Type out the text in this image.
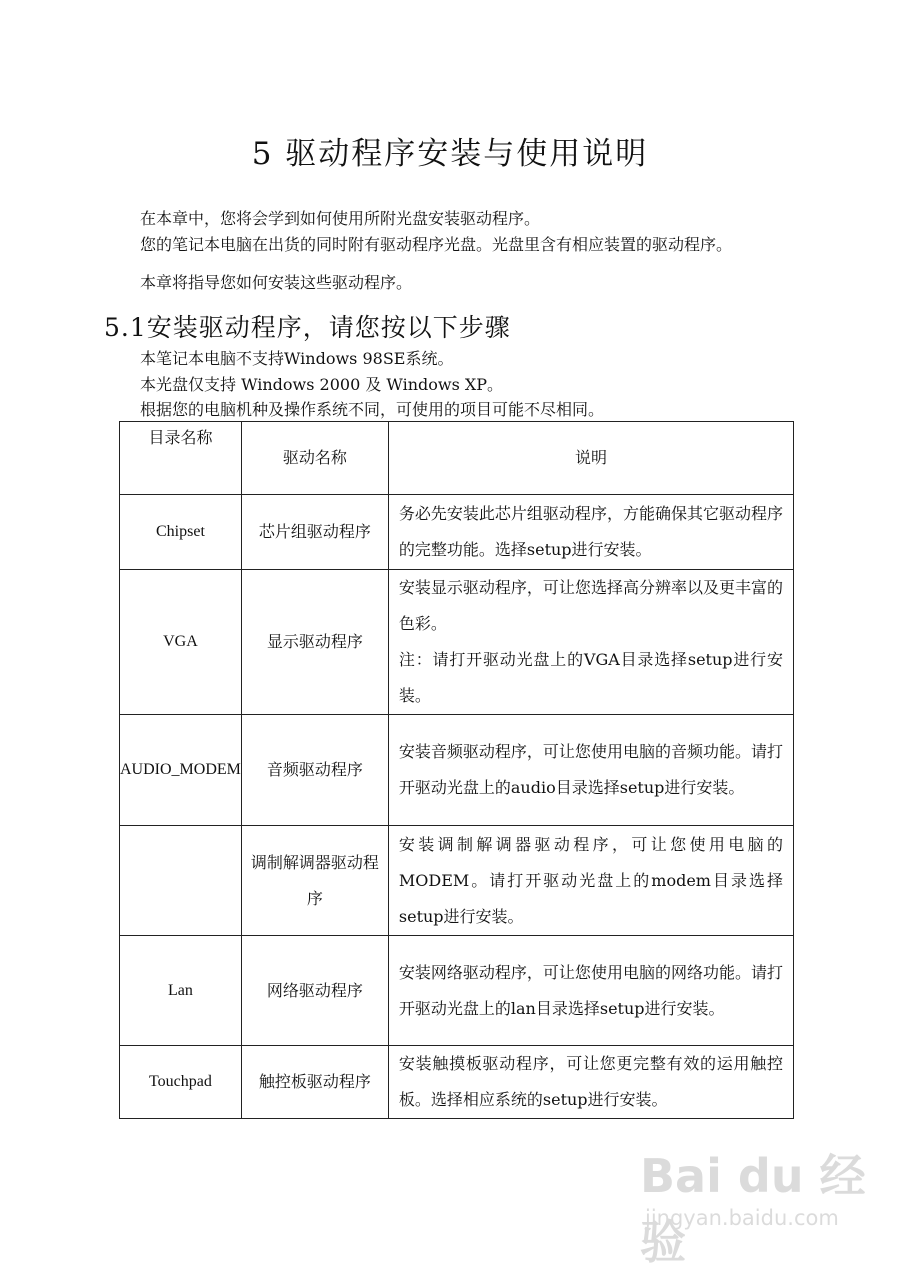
5 驱动程序安装与使用说明
在本章中，您将会学到如何使用所附光盘安装驱动程序。
您的笔记本电脑在出货的同时附有驱动程序光盘。光盘里含有相应装置的驱动程序。
本章将指导您如何安装这些驱动程序。
5.1安装驱动程序，请您按以下步骤
本笔记本电脑不支持Windows 98SE系统。
本光盘仅支持 Windows 2000 及 Windows XP。
根据您的电脑机种及操作系统不同，可使用的项目可能不尽相同。
目录名称	驱动名称	说明
Chipset	芯片组驱动程序	务必先安装此芯片组驱动程序，方能确保其它驱动程序的完整功能。选择setup进行安装。
VGA	显示驱动程序	安装显示驱动程序，可让您选择高分辨率以及更丰富的色彩。
注：请打开驱动光盘上的VGA目录选择setup进行安装。

AUDIO_MODEM	音频驱动程序	安装音频驱动程序，可让您使用电脑的音频功能。请打开驱动光盘上的audio目录选择setup进行安装。
	调制解调器驱动程序	安装调制解调器驱动程序，可让您使用电脑的MODEM。请打开驱动光盘上的modem目录选择setup进行安装。
Lan	网络驱动程序	安装网络驱动程序，可让您使用电脑的网络功能。请打开驱动光盘上的lan目录选择setup进行安装。
Touchpad	触控板驱动程序	安装触摸板驱动程序，可让您更完整有效的运用触控板。选择相应系统的setup进行安装。
Bai du 经验
jingyan.baidu.com
